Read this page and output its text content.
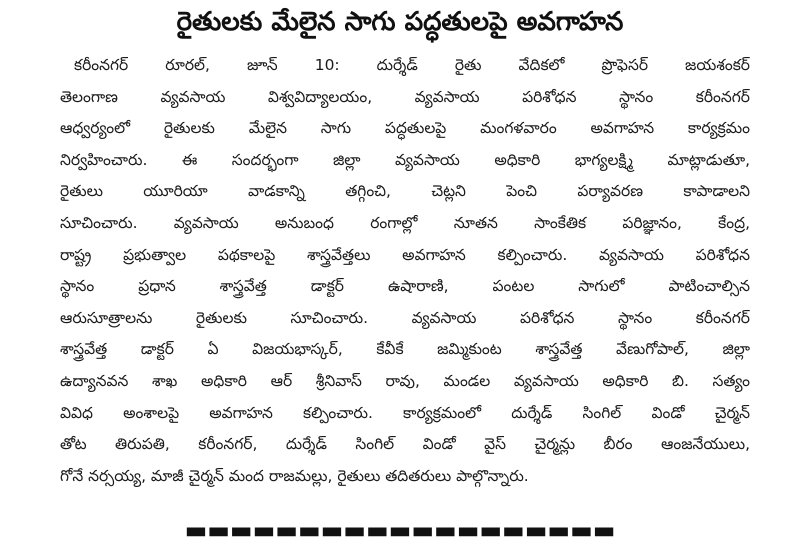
రైతులకు మేలైన సాగు పద్ధతులపై అవగాహన
కరీంనగర్ రూరల్, జూన్ 10: దుర్శేడ్ రైతు వేదికలో ప్రొఫెసర్ జయశంకర్
తెలంగాణ వ్యవసాయ విశ్వవిద్యాలయం, వ్యవసాయ పరిశోధన స్థానం కరీంనగర్
ఆధ్వర్యంలో రైతులకు మేలైన సాగు పద్ధతులపై మంగళవారం అవగాహన కార్యక్రమం
నిర్వహించారు. ఈ సందర్భంగా జిల్లా వ్యవసాయ అధికారి భాగ్యలక్ష్మి మాట్లాడుతూ,
రైతులు యూరియా వాడకాన్ని తగ్గించి, చెట్లని పెంచి పర్యావరణ కాపాడాలని
సూచించారు. వ్యవసాయ అనుబంధ రంగాల్లో నూతన సాంకేతిక పరిజ్ఞానం, కేంద్ర,
రాష్ట్ర ప్రభుత్వాల పథకాలపై శాస్త్రవేత్తలు అవగాహన కల్పించారు. వ్యవసాయ పరిశోధన
స్థానం ప్రధాన శాస్త్రవేత్త డాక్టర్ ఉషారాణి, పంటల సాగులో పాటించాల్సిన
ఆరుసూత్రాలను రైతులకు సూచించారు. వ్యవసాయ పరిశోధన స్థానం కరీంనగర్
శాస్త్రవేత్త డాక్టర్ ఏ విజయభాస్కర్, కేవీకే జమ్మికుంట శాస్త్రవేత్త వేణుగోపాల్, జిల్లా
ఉద్యానవన శాఖ అధికారి ఆర్ శ్రీనివాస్ రావు, మండల వ్యవసాయ అధికారి బి. సత్యం
వివిధ అంశాలపై అవగాహన కల్పించారు. కార్యక్రమంలో దుర్శేడ్ సింగిల్ విండో చైర్మన్
తోట తిరుపతి, కరీంనగర్, దుర్శేడ్ సింగిల్ విండో వైస్ చైర్మన్లు బీరం ఆంజనేయులు,
గోనే నర్సయ్య, మాజీ చైర్మన్ మంద రాజమల్లు, రైతులు తదితరులు పాల్గొన్నారు.
▬▬▬▬▬▬▬▬▬▬▬▬▬▬▬▬▬▬▬
